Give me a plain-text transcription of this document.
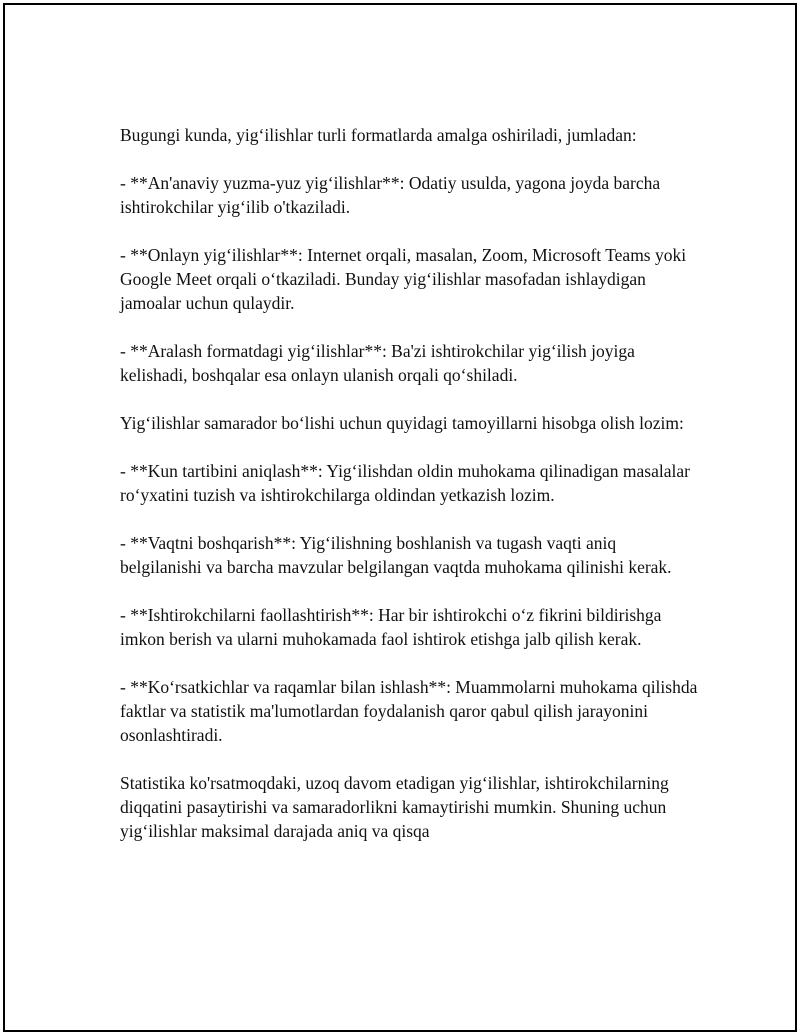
Bugungi kunda, yig‘ilishlar turli formatlarda amalga oshiriladi, jumladan:

- **An'anaviy yuzma-yuz yig‘ilishlar**: Odatiy usulda, yagona joyda barcha ishtirokchilar yig‘ilib o'tkaziladi.

- **Onlayn yig‘ilishlar**: Internet orqali, masalan, Zoom, Microsoft Teams yoki Google Meet orqali o‘tkaziladi. Bunday yig‘ilishlar masofadan ishlaydigan jamoalar uchun qulaydir.

- **Aralash formatdagi yig‘ilishlar**: Ba'zi ishtirokchilar yig‘ilish joyiga kelishadi, boshqalar esa onlayn ulanish orqali qo‘shiladi.

Yig‘ilishlar samarador bo‘lishi uchun quyidagi tamoyillarni hisobga olish lozim:

- **Kun tartibini aniqlash**: Yig‘ilishdan oldin muhokama qilinadigan masalalar ro‘yxatini tuzish va ishtirokchilarga oldindan yetkazish lozim.

- **Vaqtni boshqarish**: Yig‘ilishning boshlanish va tugash vaqti aniq belgilanishi va barcha mavzular belgilangan vaqtda muhokama qilinishi kerak.

- **Ishtirokchilarni faollashtirish**: Har bir ishtirokchi o‘z fikrini bildirishga imkon berish va ularni muhokamada faol ishtirok etishga jalb qilish kerak.

- **Ko‘rsatkichlar va raqamlar bilan ishlash**: Muammolarni muhokama qilishda faktlar va statistik ma'lumotlardan foydalanish qaror qabul qilish jarayonini osonlashtiradi.

Statistika ko'rsatmoqdaki, uzoq davom etadigan yig‘ilishlar, ishtirokchilarning diqqatini pasaytirishi va samaradorlikni kamaytirishi mumkin. Shuning uchun yig‘ilishlar maksimal darajada aniq va qisqa
